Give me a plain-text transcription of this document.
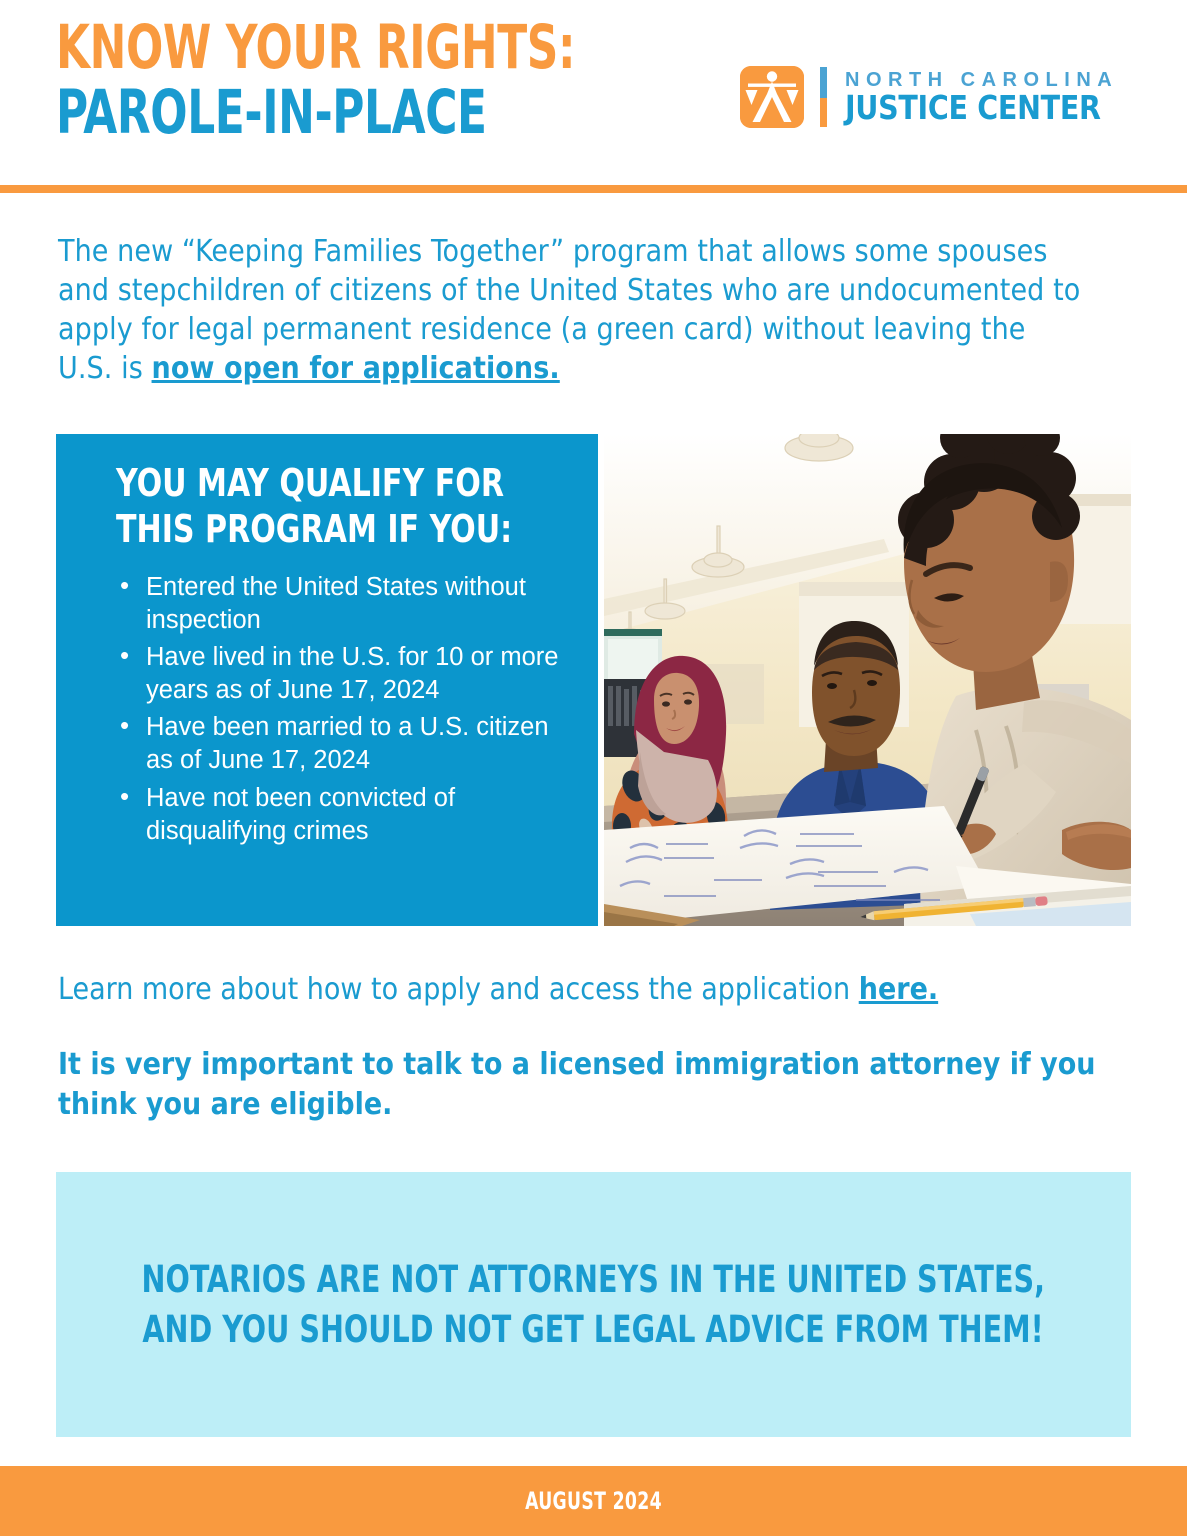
KNOW YOUR RIGHTS:
PAROLE-IN-PLACE	NORTH CAROLINA
JUSTICE CENTER

The new “Keeping Families Together” program that allows some spouses and stepchildren of citizens of the United States who are undocumented to apply for legal permanent residence (a green card) without leaving the U.S. is now open for applications.

YOU MAY QUALIFY FOR
THIS PROGRAM IF YOU:
• Entered the United States without inspection
• Have lived in the U.S. for 10 or more years as of June 17, 2024
• Have been married to a U.S. citizen as of June 17, 2024
• Have not been convicted of disqualifying crimes

Learn more about how to apply and access the application here.

It is very important to talk to a licensed immigration attorney if you think you are eligible.

NOTARIOS ARE NOT ATTORNEYS IN THE UNITED STATES,
AND YOU SHOULD NOT GET LEGAL ADVICE FROM THEM!
AUGUST 2024
